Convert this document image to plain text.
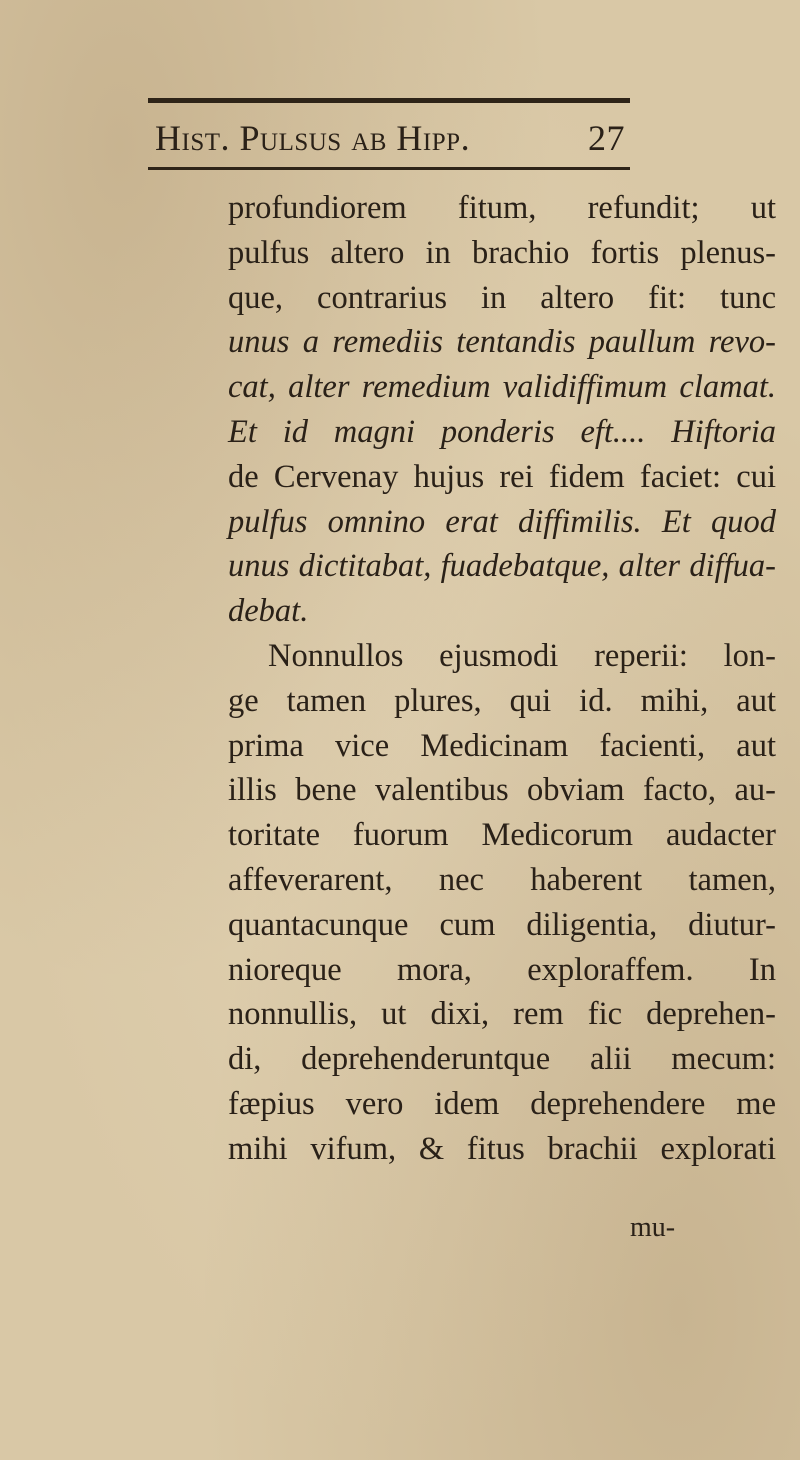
Hist. Pulsus ab Hipp.	27
profundiorem fitum, refundit; ut
pulfus altero in brachio fortis plenus-
que, contrarius in altero fit: tunc
unus a remediis tentandis paullum revo-
cat, alter remedium validiffimum clamat.
Et id magni ponderis eft.... Hiftoria
de Cervenay hujus rei fidem faciet: cui
pulfus omnino erat diffimilis. Et quod
unus dictitabat, fuadebatque, alter diffua-
debat.
Nonnullos ejusmodi reperii: lon-
ge tamen plures, qui id. mihi, aut
prima vice Medicinam facienti, aut
illis bene valentibus obviam facto, au-
toritate fuorum Medicorum audacter
affeverarent, nec haberent tamen,
quantacunque cum diligentia, diutur-
nioreque mora, exploraffem. In
nonnullis, ut dixi, rem fic deprehen-
di, deprehenderuntque alii mecum:
fæpius vero idem deprehendere me
mihi vifum, & fitus brachii explorati
mu-
